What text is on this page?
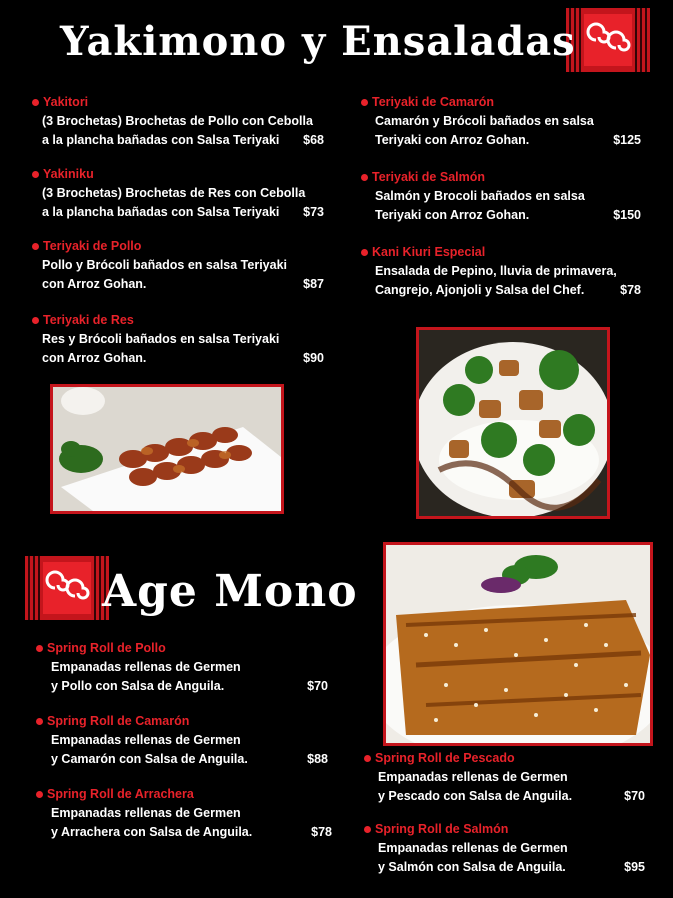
Yakimono y Ensaladas
Yakitori
(3 Brochetas) Brochetas de Pollo con Cebolla
a la plancha bañadas con Salsa Teriyaki $68
Yakiniku
(3 Brochetas) Brochetas de Res con Cebolla
a la plancha bañadas con Salsa Teriyaki $73
Teriyaki de Pollo
Pollo y Brócoli bañados en salsa Teriyaki
con Arroz Gohan.	$87
Teriyaki de Res
Res y Brócoli bañados en salsa Teriyaki
con Arroz Gohan.	$90
Teriyaki de Camarón
Camarón y Brócoli bañados en salsa
Teriyaki con Arroz Gohan.	$125
Teriyaki de Salmón
Salmón y Brocoli bañados en salsa
Teriyaki con Arroz Gohan.	$150
Kani Kiuri Especial
Ensalada de Pepino, lluvia de primavera,
Cangrejo, Ajonjoli y Salsa del Chef.	$78
Age Mono
Spring Roll de Pollo
Empanadas rellenas de Germen
y Pollo con Salsa de Anguila.	$70
Spring Roll de Camarón
Empanadas rellenas de Germen
y Camarón con Salsa de Anguila.	$88
Spring Roll de Arrachera
Empanadas rellenas de Germen
y Arrachera con Salsa de Anguila.	$78
Spring Roll de Pescado
Empanadas rellenas de Germen
y Pescado con Salsa de Anguila.	$70
Spring Roll de Salmón
Empanadas rellenas de Germen
y Salmón con Salsa de Anguila.	$95
